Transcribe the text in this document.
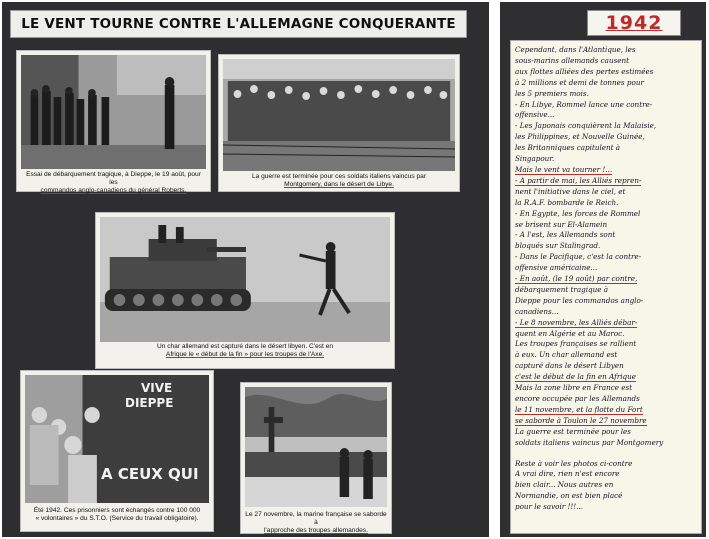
LE VENT TOURNE CONTRE L'ALLEMAGNE CONQUERANTE
Essai de débarquement tragique, à Dieppe, le 19 août, pour les
commandos anglo-canadiens du général Roberts.
La guerre est terminée pour ces soldats italiens vaincus par
Montgomery, dans le désert de Libye.
Un char allemand est capturé dans le désert libyen. C'est en
Afrique le « début de la fin » pour les troupes de l'Axe.
VIVE
DIEPPE
A CEUX QUI
Été 1942. Ces prisonniers sont échangés contre 100 000
« volontaires » du S.T.O. (Service du travail obligatoire).
Le 27 novembre, la marine française se saborde à
l'approche des troupes allemandes.
1942
Cependant, dans l'Atlantique, les
sous-marins allemands causent
aux flottes alliées des pertes estimées
à 2 millions et demi de tonnes pour
les 5 premiers mois.
- En Libye, Rommel lance une contre-
offensive...
- Les Japonais conquièrent la Malaisie,
les Philippines, et Nouvelle Guinée,
les Britanniques capitulent à
Singapour.
Mais le vent va tourner !...
- A partir de mai, les Alliés repren-
nent l'initiative dans le ciel, et
la R.A.F. bombarde le Reich.
- En Egypte, les forces de Rommel
se brisent sur El-Alamein
- A l'est, les Allemands sont
bloqués sur Stalingrad.
- Dans le Pacifique, c'est la contre-
offensive américaine...
- En août, (le 19 août) par contre,
débarquement tragique à
Dieppe pour les commandos anglo-
canadiens...
- Le 8 novembre, les Alliés débar-
quent en Algérie et au Maroc.
Les troupes françaises se rallient
à eux. Un char allemand est
capturé dans le désert Libyen
c'est le début de la fin en Afrique
Mais la zone libre en France est
encore occupée par les Allemands
le 11 novembre, et la flotte du Fort
se saborde à Toulon le 27 novembre
La guerre est terminée pour les
soldats italiens vaincus par Montgomery
Reste à voir les photos ci-contre
A vrai dire, rien n'est encore
bien clair... Nous autres en
Normandie, on est bien placé
pour le savoir !!!...
